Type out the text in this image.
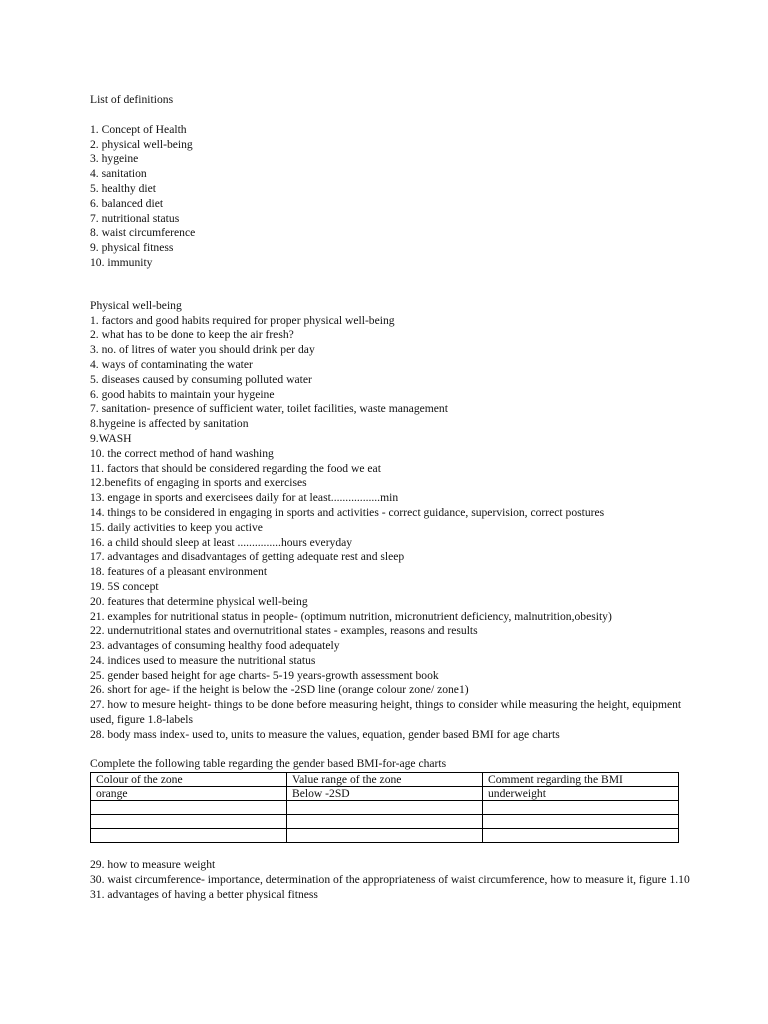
List of definitions
1. Concept of Health
2. physical well-being
3. hygeine
4. sanitation
5. healthy diet
6. balanced diet
7. nutritional status
8. waist circumference
9. physical fitness
10. immunity
Physical well-being
1. factors and good habits required for proper physical well-being
2. what has to be done to keep the air fresh?
3. no. of litres of water you should drink per day
4. ways of contaminating the water
5. diseases caused by consuming polluted water
6. good habits to maintain your hygeine
7. sanitation- presence of sufficient water, toilet facilities, waste management
8.hygeine is affected by sanitation
9.WASH
10. the correct method of hand washing
11. factors that should be considered regarding the food we eat
12.benefits of engaging in sports and exercises
13. engage in sports and exercisees daily for at least.................min
14. things to be considered in engaging in sports and activities - correct guidance, supervision, correct postures
15. daily activities to keep you active
16. a child should sleep at least ...............hours everyday
17. advantages and disadvantages of getting adequate rest and sleep
18. features of a pleasant environment
19. 5S concept
20. features that determine physical well-being
21. examples for nutritional status in people- (optimum nutrition, micronutrient deficiency, malnutrition,obesity)
22. undernutritional states and overnutritional states - examples, reasons and results
23. advantages of consuming healthy food adequately
24. indices used to measure the nutritional status
25. gender based height for age charts- 5-19 years-growth assessment book
26. short for age- if the height is below the -2SD line (orange colour zone/ zone1)
27. how to mesure height- things to be done before measuring height, things to consider while measuring the height, equipment used, figure 1.8-labels
28. body mass index- used to, units to measure the values, equation, gender based BMI for age charts
Complete the following table regarding the gender based BMI-for-age charts
Colour of the zone	Value range of the zone	Comment regarding the BMI
orange	Below -2SD	underweight

29. how to measure weight
30. waist circumference- importance, determination of the appropriateness of waist circumference, how to measure it, figure 1.10
31. advantages of having a better physical fitness
